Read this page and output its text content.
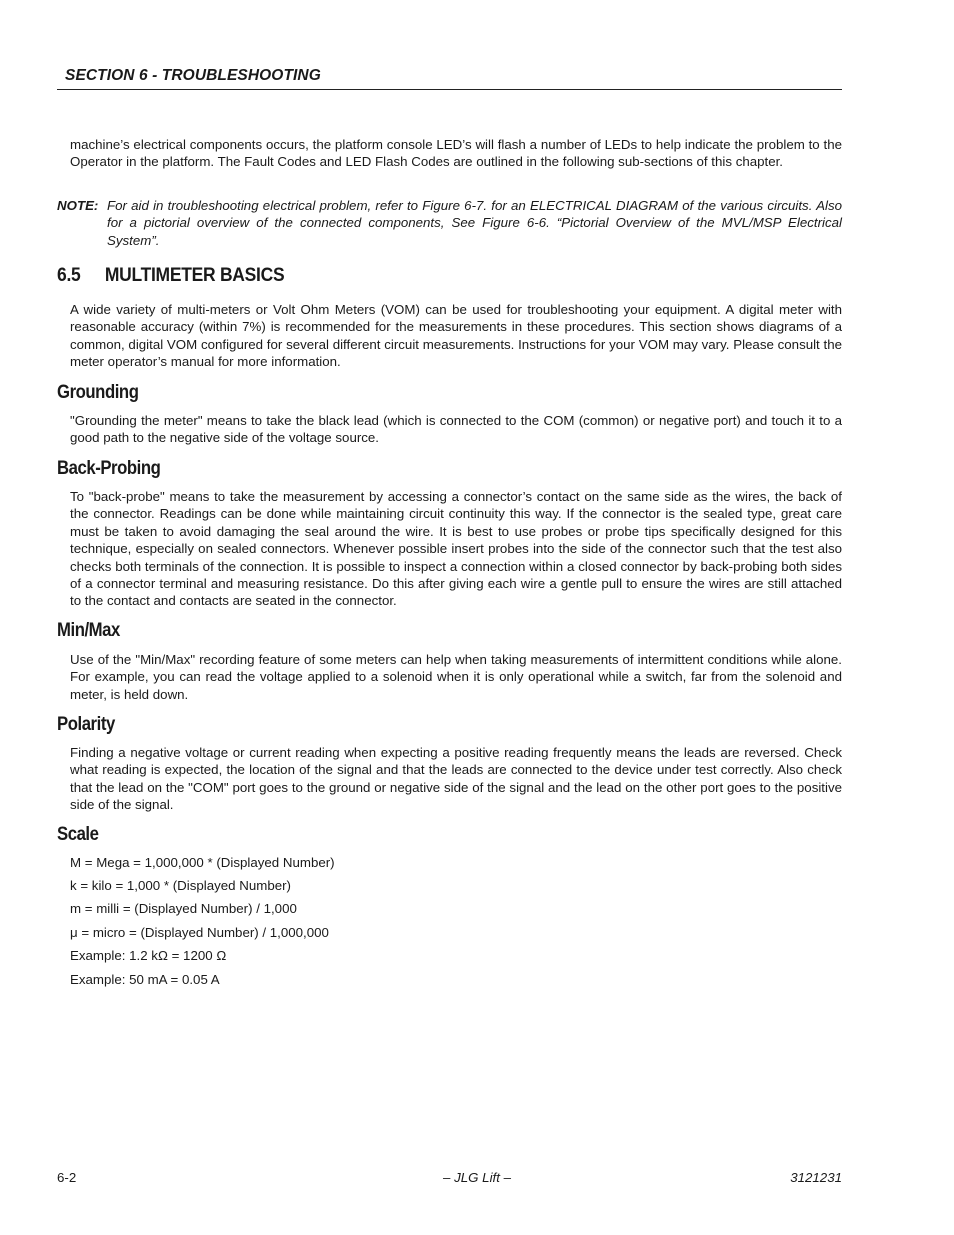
SECTION 6 - TROUBLESHOOTING

machine’s electrical components occurs, the platform console LED’s will flash a number of LEDs to help indicate the problem to the Operator in the platform. The Fault Codes and LED Flash Codes are outlined in the following sub-sections of this chapter.

NOTE: For aid in troubleshooting electrical problem, refer to Figure 6-7. for an ELECTRICAL DIAGRAM of the various circuits. Also for a pictorial overview of the connected components, See Figure 6-6. “Pictorial Overview of the MVL/MSP Electrical System”.
6.5 MULTIMETER BASICS

A wide variety of multi-meters or Volt Ohm Meters (VOM) can be used for troubleshooting your equipment. A digital meter with reasonable accuracy (within 7%) is recommended for the measurements in these procedures. This section shows diagrams of a common, digital VOM configured for several different circuit measurements. Instructions for your VOM may vary. Please consult the meter operator’s manual for more information.

Grounding

"Grounding the meter" means to take the black lead (which is connected to the COM (common) or negative port) and touch it to a good path to the negative side of the voltage source.

Back-Probing

To "back-probe" means to take the measurement by accessing a connector’s contact on the same side as the wires, the back of the connector. Readings can be done while maintaining circuit continuity this way. If the connector is the sealed type, great care must be taken to avoid damaging the seal around the wire. It is best to use probes or probe tips specifically designed for this technique, especially on sealed connectors. Whenever possible insert probes into the side of the connector such that the test also checks both terminals of the connection. It is possible to inspect a connection within a closed connector by back-probing both sides of a connector terminal and measuring resistance. Do this after giving each wire a gentle pull to ensure the wires are still attached to the contact and contacts are seated in the connector.

Min/Max

Use of the "Min/Max" recording feature of some meters can help when taking measurements of intermittent conditions while alone. For example, you can read the voltage applied to a solenoid when it is only operational while a switch, far from the solenoid and meter, is held down.

Polarity

Finding a negative voltage or current reading when expecting a positive reading frequently means the leads are reversed. Check what reading is expected, the location of the signal and that the leads are connected to the device under test correctly. Also check that the lead on the "COM" port goes to the ground or negative side of the signal and the lead on the other port goes to the positive side of the signal.

Scale
M = Mega = 1,000,000 * (Displayed Number)
k = kilo = 1,000 * (Displayed Number)
m = milli = (Displayed Number) / 1,000
μ = micro = (Displayed Number) / 1,000,000
Example: 1.2 kΩ = 1200 Ω
Example: 50 mA = 0.05 A
6-2	– JLG Lift –	3121231
